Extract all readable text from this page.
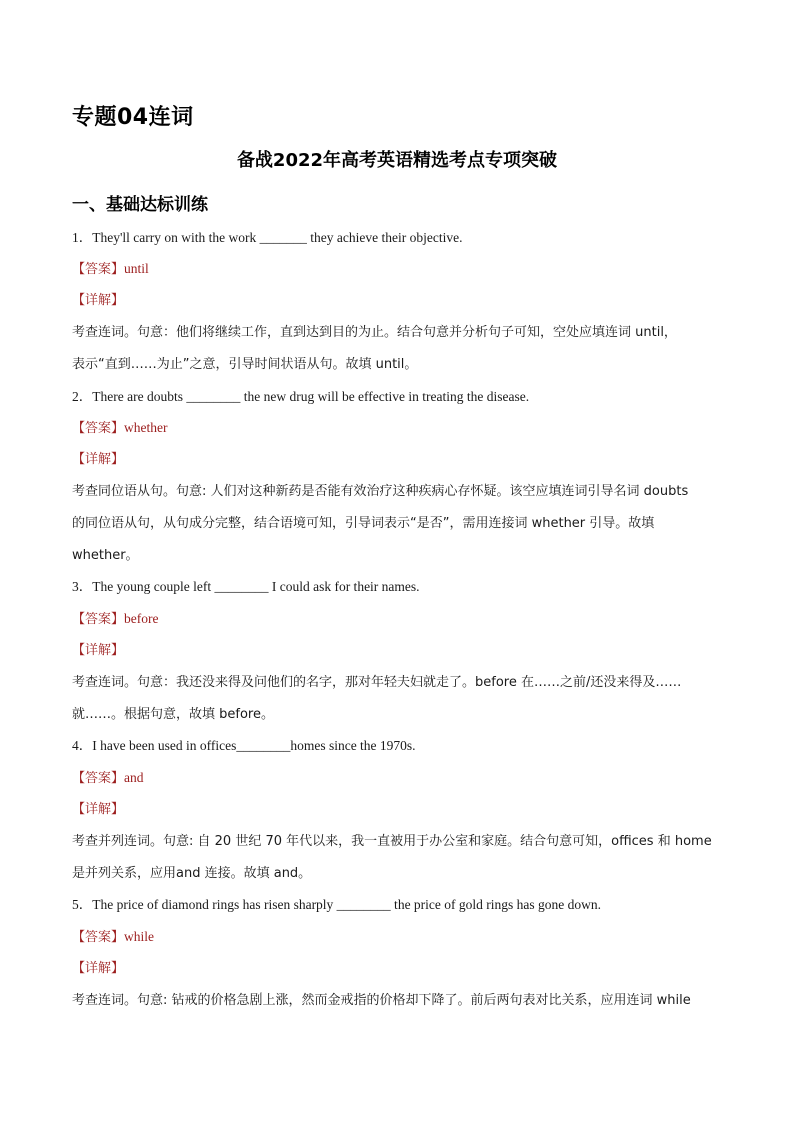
专题04连词
备战2022年高考英语精选考点专项突破
一、基础达标训练
1．They'll carry on with the work _______ they achieve their objective.
【答案】until
【详解】
考查连词。句意：他们将继续工作，直到达到目的为止。结合句意并分析句子可知，空处应填连词 until，
表示“直到……为止”之意，引导时间状语从句。故填 until。
2．There are doubts ________ the new drug will be effective in treating the disease.
【答案】whether
【详解】
考查同位语从句。句意: 人们对这种新药是否能有效治疗这种疾病心存怀疑。该空应填连词引导名词 doubts
的同位语从句，从句成分完整，结合语境可知，引导词表示“是否”，需用连接词 whether 引导。故填
whether。
3．The young couple left ________ I could ask for their names.
【答案】before
【详解】
考查连词。句意：我还没来得及问他们的名字，那对年轻夫妇就走了。before 在……之前/还没来得及……
就……。根据句意，故填 before。
4．I have been used in offices________homes since the 1970s.
【答案】and
【详解】
考查并列连词。句意: 自 20 世纪 70 年代以来，我一直被用于办公室和家庭。结合句意可知，offices 和 home
是并列关系，应用and 连接。故填 and。
5．The price of diamond rings has risen sharply ________ the price of gold rings has gone down.
【答案】while
【详解】
考查连词。句意: 钻戒的价格急剧上涨，然而金戒指的价格却下降了。前后两句表对比关系，应用连词 while
